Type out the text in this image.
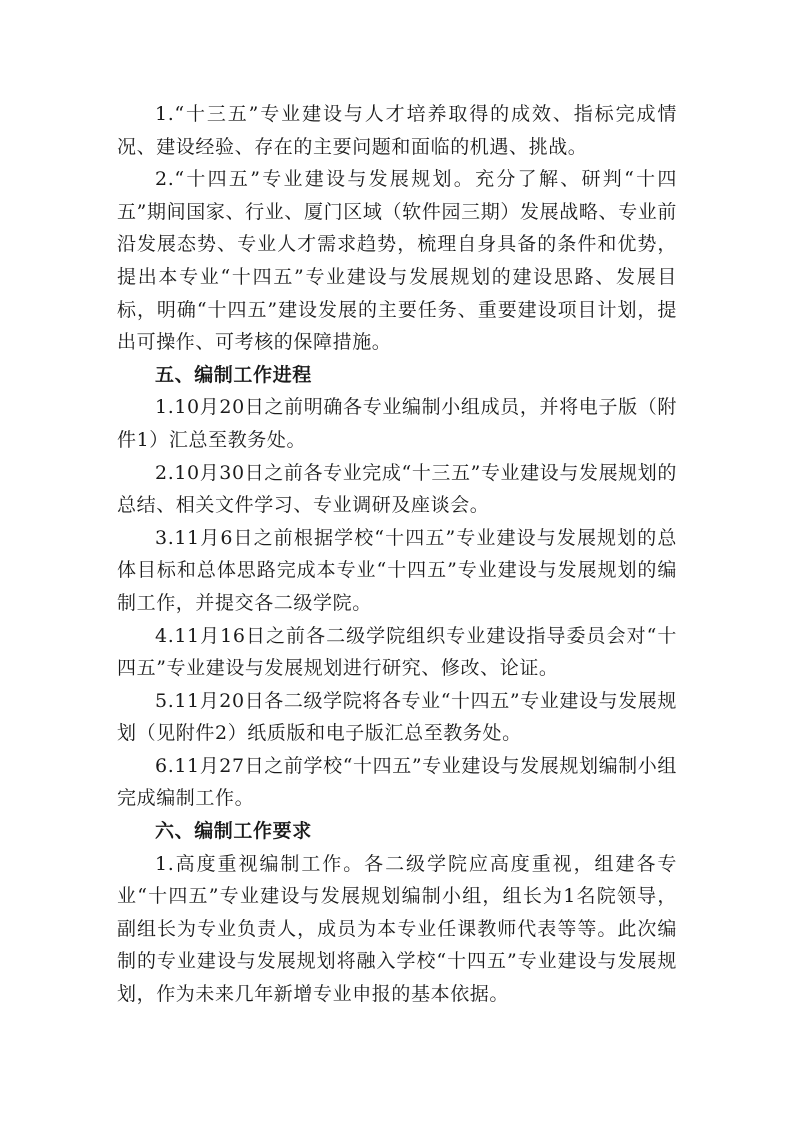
1.“十三五”专业建设与人才培养取得的成效、指标完成情况、建设经验、存在的主要问题和面临的机遇、挑战。

2.“十四五”专业建设与发展规划。充分了解、研判“十四五”期间国家、行业、厦门区域（软件园三期）发展战略、专业前沿发展态势、专业人才需求趋势，梳理自身具备的条件和优势，提出本专业“十四五”专业建设与发展规划的建设思路、发展目标，明确“十四五”建设发展的主要任务、重要建设项目计划，提出可操作、可考核的保障措施。

五、编制工作进程

1.10月20日之前明确各专业编制小组成员，并将电子版（附件1）汇总至教务处。

2.10月30日之前各专业完成“十三五”专业建设与发展规划的总结、相关文件学习、专业调研及座谈会。

3.11月6日之前根据学校“十四五”专业建设与发展规划的总体目标和总体思路完成本专业“十四五”专业建设与发展规划的编制工作，并提交各二级学院。

4.11月16日之前各二级学院组织专业建设指导委员会对“十四五”专业建设与发展规划进行研究、修改、论证。

5.11月20日各二级学院将各专业“十四五”专业建设与发展规划（见附件2）纸质版和电子版汇总至教务处。

6.11月27日之前学校“十四五”专业建设与发展规划编制小组完成编制工作。

六、编制工作要求

1.高度重视编制工作。各二级学院应高度重视，组建各专业“十四五”专业建设与发展规划编制小组，组长为1名院领导，副组长为专业负责人，成员为本专业任课教师代表等等。此次编制的专业建设与发展规划将融入学校“十四五”专业建设与发展规划，作为未来几年新增专业申报的基本依据。
